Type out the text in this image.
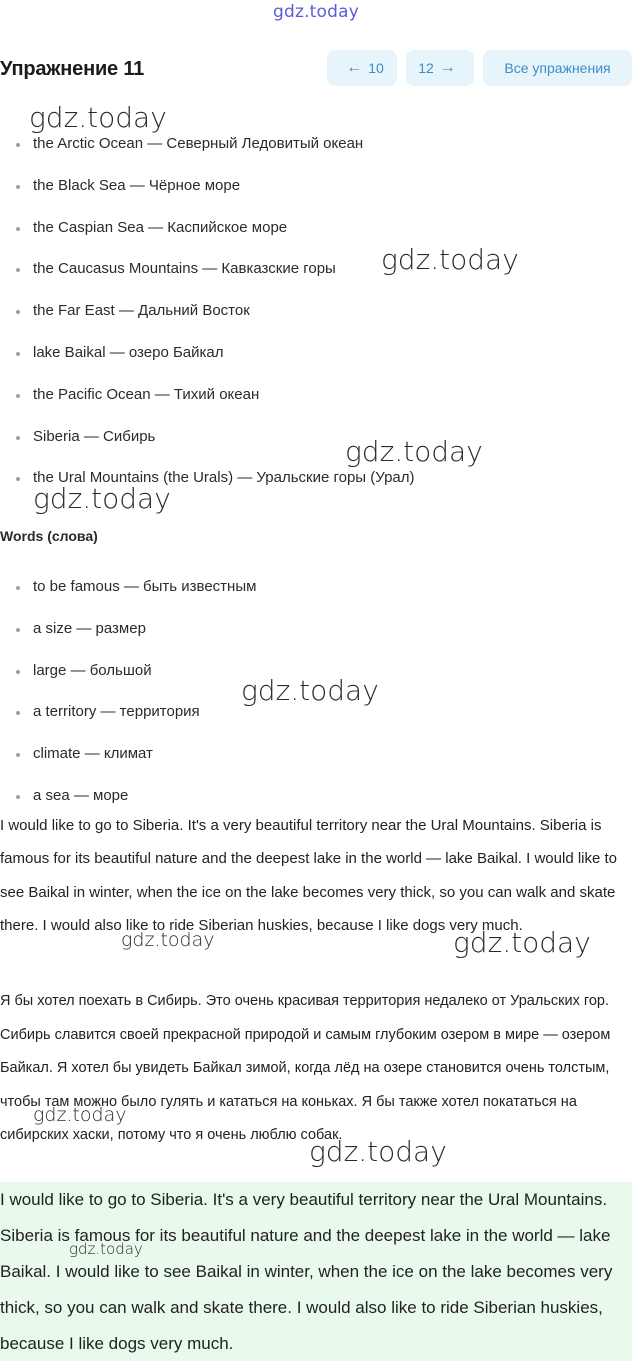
gdz.today
Упражнение 11	← 10 12 →	Все упражнения
the Arctic Ocean — Северный Ледовитый океан
the Black Sea — Чёрное море
the Caspian Sea — Каспийское море
the Caucasus Mountains — Кавказские горы
the Far East — Дальний Восток
lake Baikal — озеро Байкал
the Pacific Ocean — Тихий океан
Siberia — Сибирь
the Ural Mountains (the Urals) — Уральские горы (Урал)
Words (слова)
to be famous — быть известным
a size — размер
large — большой
a territory — территория
climate — климат
a sea — море

I would like to go to Siberia. It's a very beautiful territory near the Ural Mountains. Siberia is famous for its beautiful nature and the deepest lake in the world — lake Baikal. I would like to see Baikal in winter, when the ice on the lake becomes very thick, so you can walk and skate there. I would also like to ride Siberian huskies, because I like dogs very much.

Я бы хотел поехать в Сибирь. Это очень красивая территория недалеко от Уральских гор. Сибирь славится своей прекрасной природой и самым глубоким озером в мире — озером Байкал. Я хотел бы увидеть Байкал зимой, когда лёд на озере становится очень толстым, чтобы там можно было гулять и кататься на коньках. Я бы также хотел покататься на сибирских хаски, потому что я очень люблю собак.

I would like to go to Siberia. It's a very beautiful territory near the Ural Mountains. Siberia is famous for its beautiful nature and the deepest lake in the world — lake Baikal. I would like to see Baikal in winter, when the ice on the lake becomes very thick, so you can walk and skate there. I would also like to ride Siberian huskies, because I like dogs very much.

gdz.today
gdz.today
gdz.today
gdz.today
gdz.today
gdz.today	gdz.today
gdz.today
gdz.today
gdz.today
